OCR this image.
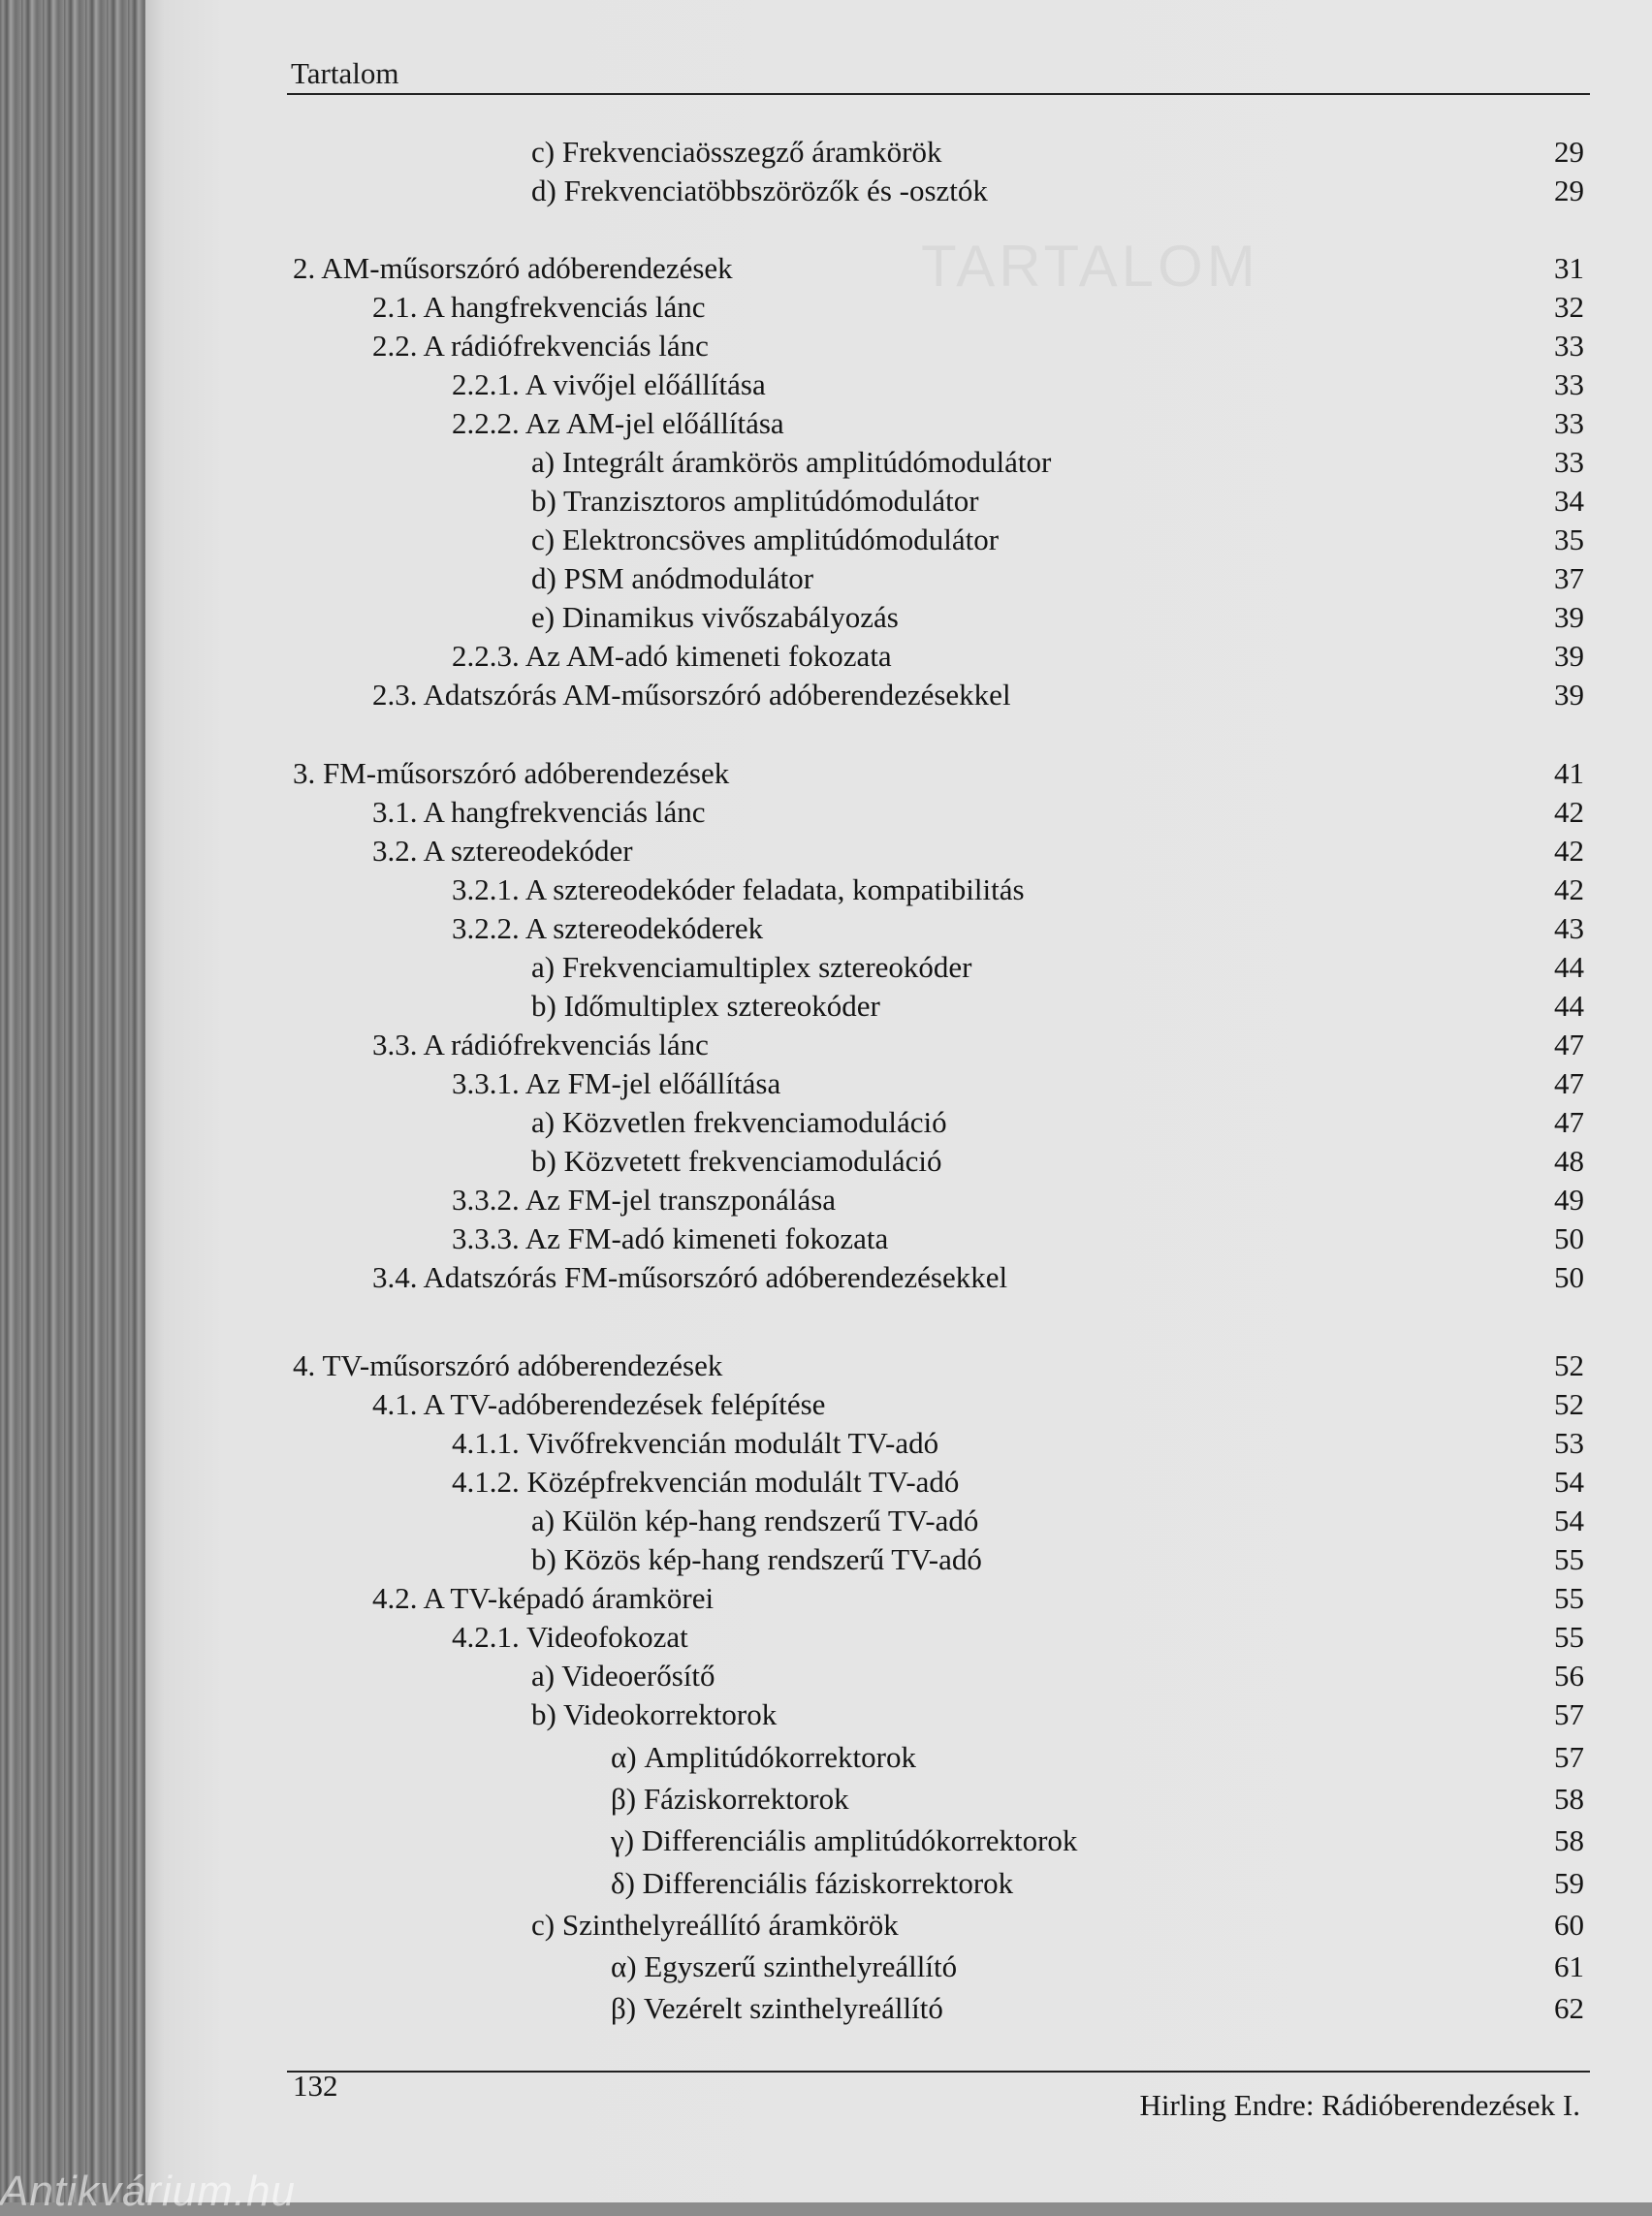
TARTALOM
Tartalom
c) Frekvenciaösszegző áramkörök	29
d) Frekvenciatöbbszörözők és -osztók	29
2. AM-műsorszóró adóberendezések	31
2.1. A hangfrekvenciás lánc	32
2.2. A rádiófrekvenciás lánc	33
2.2.1. A vivőjel előállítása	33
2.2.2. Az AM-jel előállítása	33
a) Integrált áramkörös amplitúdómodulátor	33
b) Tranzisztoros amplitúdómodulátor	34
c) Elektroncsöves amplitúdómodulátor	35
d) PSM anódmodulátor	37
e) Dinamikus vivőszabályozás	39
2.2.3. Az AM-adó kimeneti fokozata	39
2.3. Adatszórás AM-műsorszóró adóberendezésekkel	39
3. FM-műsorszóró adóberendezések	41
3.1. A hangfrekvenciás lánc	42
3.2. A sztereodekóder	42
3.2.1. A sztereodekóder feladata, kompatibilitás	42
3.2.2. A sztereodekóderek	43
a) Frekvenciamultiplex sztereokóder	44
b) Időmultiplex sztereokóder	44
3.3. A rádiófrekvenciás lánc	47
3.3.1. Az FM-jel előállítása	47
a) Közvetlen frekvenciamoduláció	47
b) Közvetett frekvenciamoduláció	48
3.3.2. Az FM-jel transzponálása	49
3.3.3. Az FM-adó kimeneti fokozata	50
3.4. Adatszórás FM-műsorszóró adóberendezésekkel	50
4. TV-műsorszóró adóberendezések	52
4.1. A TV-adóberendezések felépítése	52
4.1.1. Vivőfrekvencián modulált TV-adó	53
4.1.2. Középfrekvencián modulált TV-adó	54
a) Külön kép-hang rendszerű TV-adó	54
b) Közös kép-hang rendszerű TV-adó	55
4.2. A TV-képadó áramkörei	55
4.2.1. Videofokozat	55
a) Videoerősítő	56
b) Videokorrektorok	57
α) Amplitúdókorrektorok	57
β) Fáziskorrektorok	58
γ) Differenciális amplitúdókorrektorok	58
δ) Differenciális fáziskorrektorok	59
c) Szinthelyreállító áramkörök	60
α) Egyszerű szinthelyreállító	61
β) Vezérelt szinthelyreállító	62
132
Hirling Endre: Rádióberendezések I.
Antikvárium.hu
